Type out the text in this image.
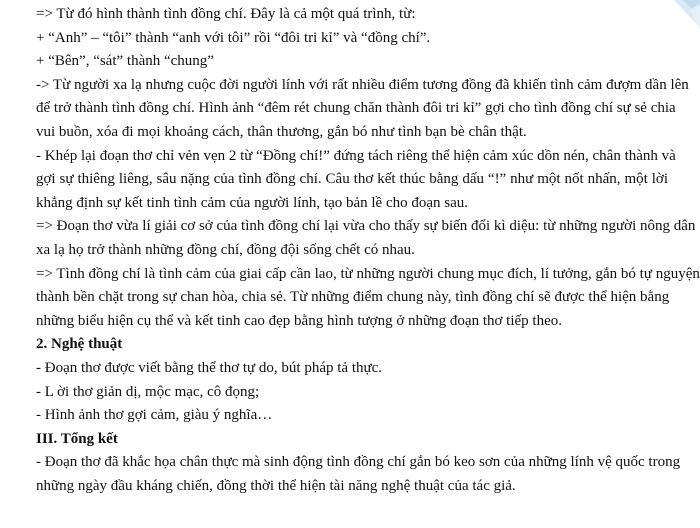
=> Từ đó hình thành tình đồng chí. Đây là cả một quá trình, từ:
+ “Anh” – “tôi” thành “anh với tôi” rồi “đôi tri kỉ” và “đồng chí”.
+ “Bên”, “sát” thành “chung”
-> Từ người xa lạ nhưng cuộc đời người lính với rất nhiều điểm tương đồng đã khiến tình cảm đượm dần lên
để trở thành tình đồng chí. Hình ảnh “đêm rét chung chăn thành đôi tri kỉ” gợi cho tình đồng chí sự sẻ chia
vui buồn, xóa đi mọi khoảng cách, thân thương, gắn bó như tình bạn bè chân thật.
- Khép lại đoạn thơ chỉ vẻn vẹn 2 từ “Đồng chí!” đứng tách riêng thể hiện cảm xúc dồn nén, chân thành và
gợi sự thiêng liêng, sâu nặng của tình đồng chí. Câu thơ kết thúc bằng dấu “!” như một nốt nhấn, một lời
khẳng định sự kết tinh tình cảm của người lính, tạo bản lề cho đoạn sau.
=> Đoạn thơ vừa lí giải cơ sở của tình đồng chí lại vừa cho thấy sự biến đổi kì diệu: từ những người nông dân
xa lạ họ trở thành những đồng chí, đồng đội sống chết có nhau.
=> Tình đồng chí là tình cảm của giai cấp cần lao, từ những người chung mục đích, lí tưởng, gắn bó tự nguyện
thành bền chặt trong sự chan hòa, chia sẻ. Từ những điểm chung này, tình đồng chí sẽ được thể hiện bằng
những biểu hiện cụ thể và kết tinh cao đẹp bằng hình tượng ở những đoạn thơ tiếp theo.
2. Nghệ thuật
- Đoạn thơ được viết bằng thể thơ tự do, bút pháp tả thực.
- L ời thơ giản dị, mộc mạc, cô đọng;
- Hình ảnh thơ gợi cảm, giàu ý nghĩa…
III. Tổng kết
- Đoạn thơ đã khắc họa chân thực mà sinh động tình đồng chí gắn bó keo sơn của những lính vệ quốc trong
những ngày đầu kháng chiến, đồng thời thể hiện tài năng nghệ thuật của tác giả.
